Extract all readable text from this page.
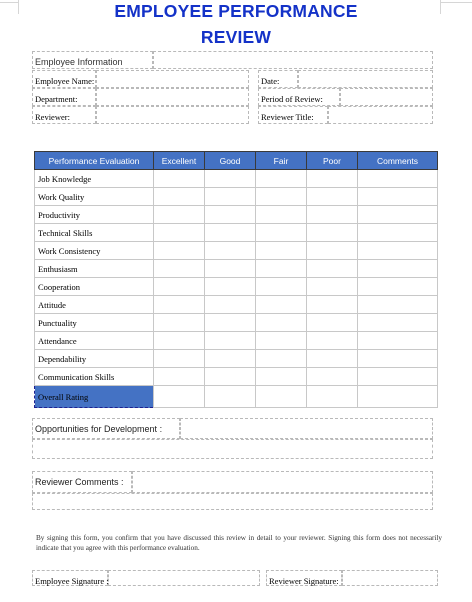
EMPLOYEE PERFORMANCE
REVIEW
Employee Information
Employee Name:	Date:
Department:	Period of Review:
Reviewer:	Reviewer Title:
Performance Evaluation	Excellent	Good	Fair	Poor	Comments
Job Knowledge					
Work Quality					
Productivity					
Technical Skills					
Work Consistency					
Enthusiasm					
Cooperation					
Attitude					
Punctuality					
Attendance					
Dependability					
Communication Skills					
Overall Rating					
Opportunities for Development :
Reviewer Comments :
By signing this form, you confirm that you have discussed this review in detail to your reviewer. Signing this form does not necessarily indicate that you agree with this performance evaluation.
Employee Signature :	Reviewer Signature:
